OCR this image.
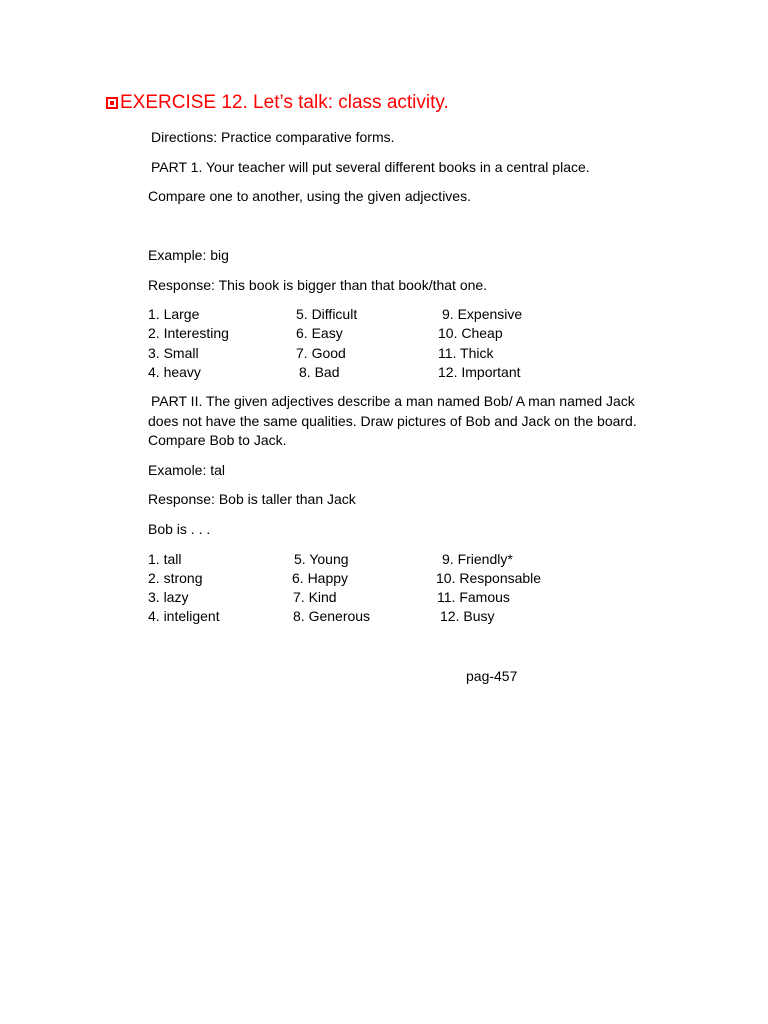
EXERCISE 12. Let’s talk: class activity.
Directions: Practice comparative forms.
PART 1. Your teacher will put several different books in a central place.
Compare one to another, using the given adjectives.
Example: big
Response: This book is bigger than that book/that one.
1. Large	5. Difficult	9. Expensive
2. Interesting	6. Easy	10. Cheap
3. Small	7. Good	11. Thick
4. heavy	8. Bad	12. Important
PART II. The given adjectives describe a man named Bob/ A man named Jack does not have the same qualities. Draw pictures of Bob and Jack on the board. Compare Bob to Jack.
Examole: tal
Response: Bob is taller than Jack
Bob is . . .
1. tall	5. Young	9. Friendly*
2. strong	6. Happy	10. Responsable
3. lazy	7. Kind	11. Famous
4. inteligent	8. Generous	12. Busy
pag-457
